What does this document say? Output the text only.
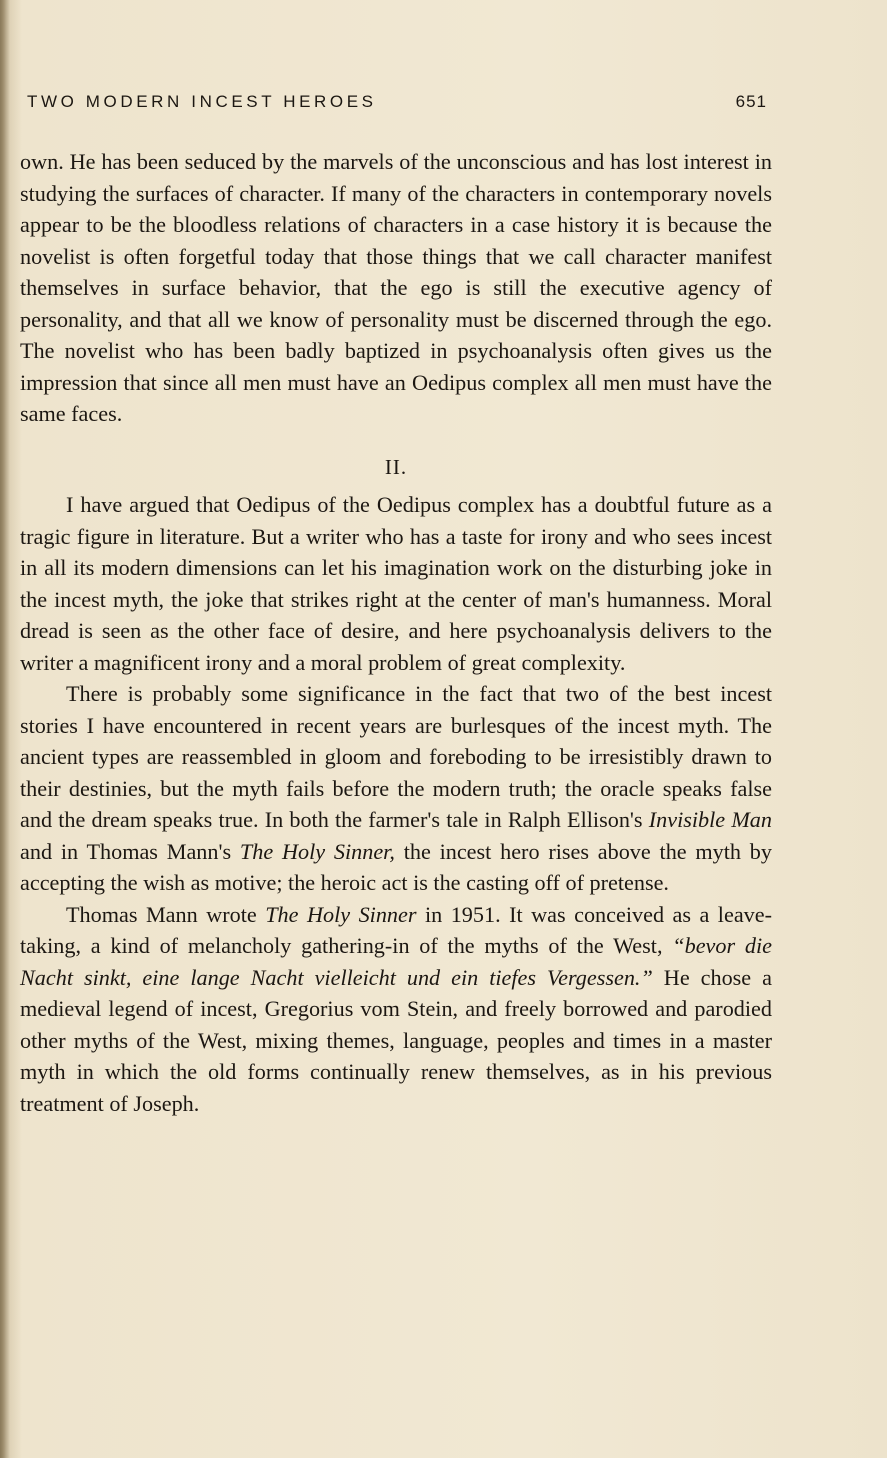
TWO MODERN INCEST HEROES	651

own. He has been seduced by the marvels of the unconscious and has lost interest in studying the surfaces of character. If many of the characters in contemporary novels appear to be the bloodless relations of characters in a case history it is because the novelist is often forgetful today that those things that we call character manifest themselves in surface behavior, that the ego is still the executive agency of personality, and that all we know of personality must be discerned through the ego. The novelist who has been badly baptized in psychoanalysis often gives us the impression that since all men must have an Oedipus complex all men must have the same faces.

II.

I have argued that Oedipus of the Oedipus complex has a doubtful future as a tragic figure in literature. But a writer who has a taste for irony and who sees incest in all its modern dimensions can let his imagination work on the disturbing joke in the incest myth, the joke that strikes right at the center of man's humanness. Moral dread is seen as the other face of desire, and here psychoanalysis delivers to the writer a magnificent irony and a moral problem of great complexity.

There is probably some significance in the fact that two of the best incest stories I have encountered in recent years are burlesques of the incest myth. The ancient types are reassembled in gloom and foreboding to be irresistibly drawn to their destinies, but the myth fails before the modern truth; the oracle speaks false and the dream speaks true. In both the farmer's tale in Ralph Ellison's Invisible Man and in Thomas Mann's The Holy Sinner, the incest hero rises above the myth by accepting the wish as motive; the heroic act is the casting off of pretense.

Thomas Mann wrote The Holy Sinner in 1951. It was conceived as a leave-taking, a kind of melancholy gathering-in of the myths of the West, “bevor die Nacht sinkt, eine lange Nacht vielleicht und ein tiefes Vergessen.” He chose a medieval legend of incest, Gregorius vom Stein, and freely borrowed and parodied other myths of the West, mixing themes, language, peoples and times in a master myth in which the old forms continually renew themselves, as in his previous treatment of Joseph.
